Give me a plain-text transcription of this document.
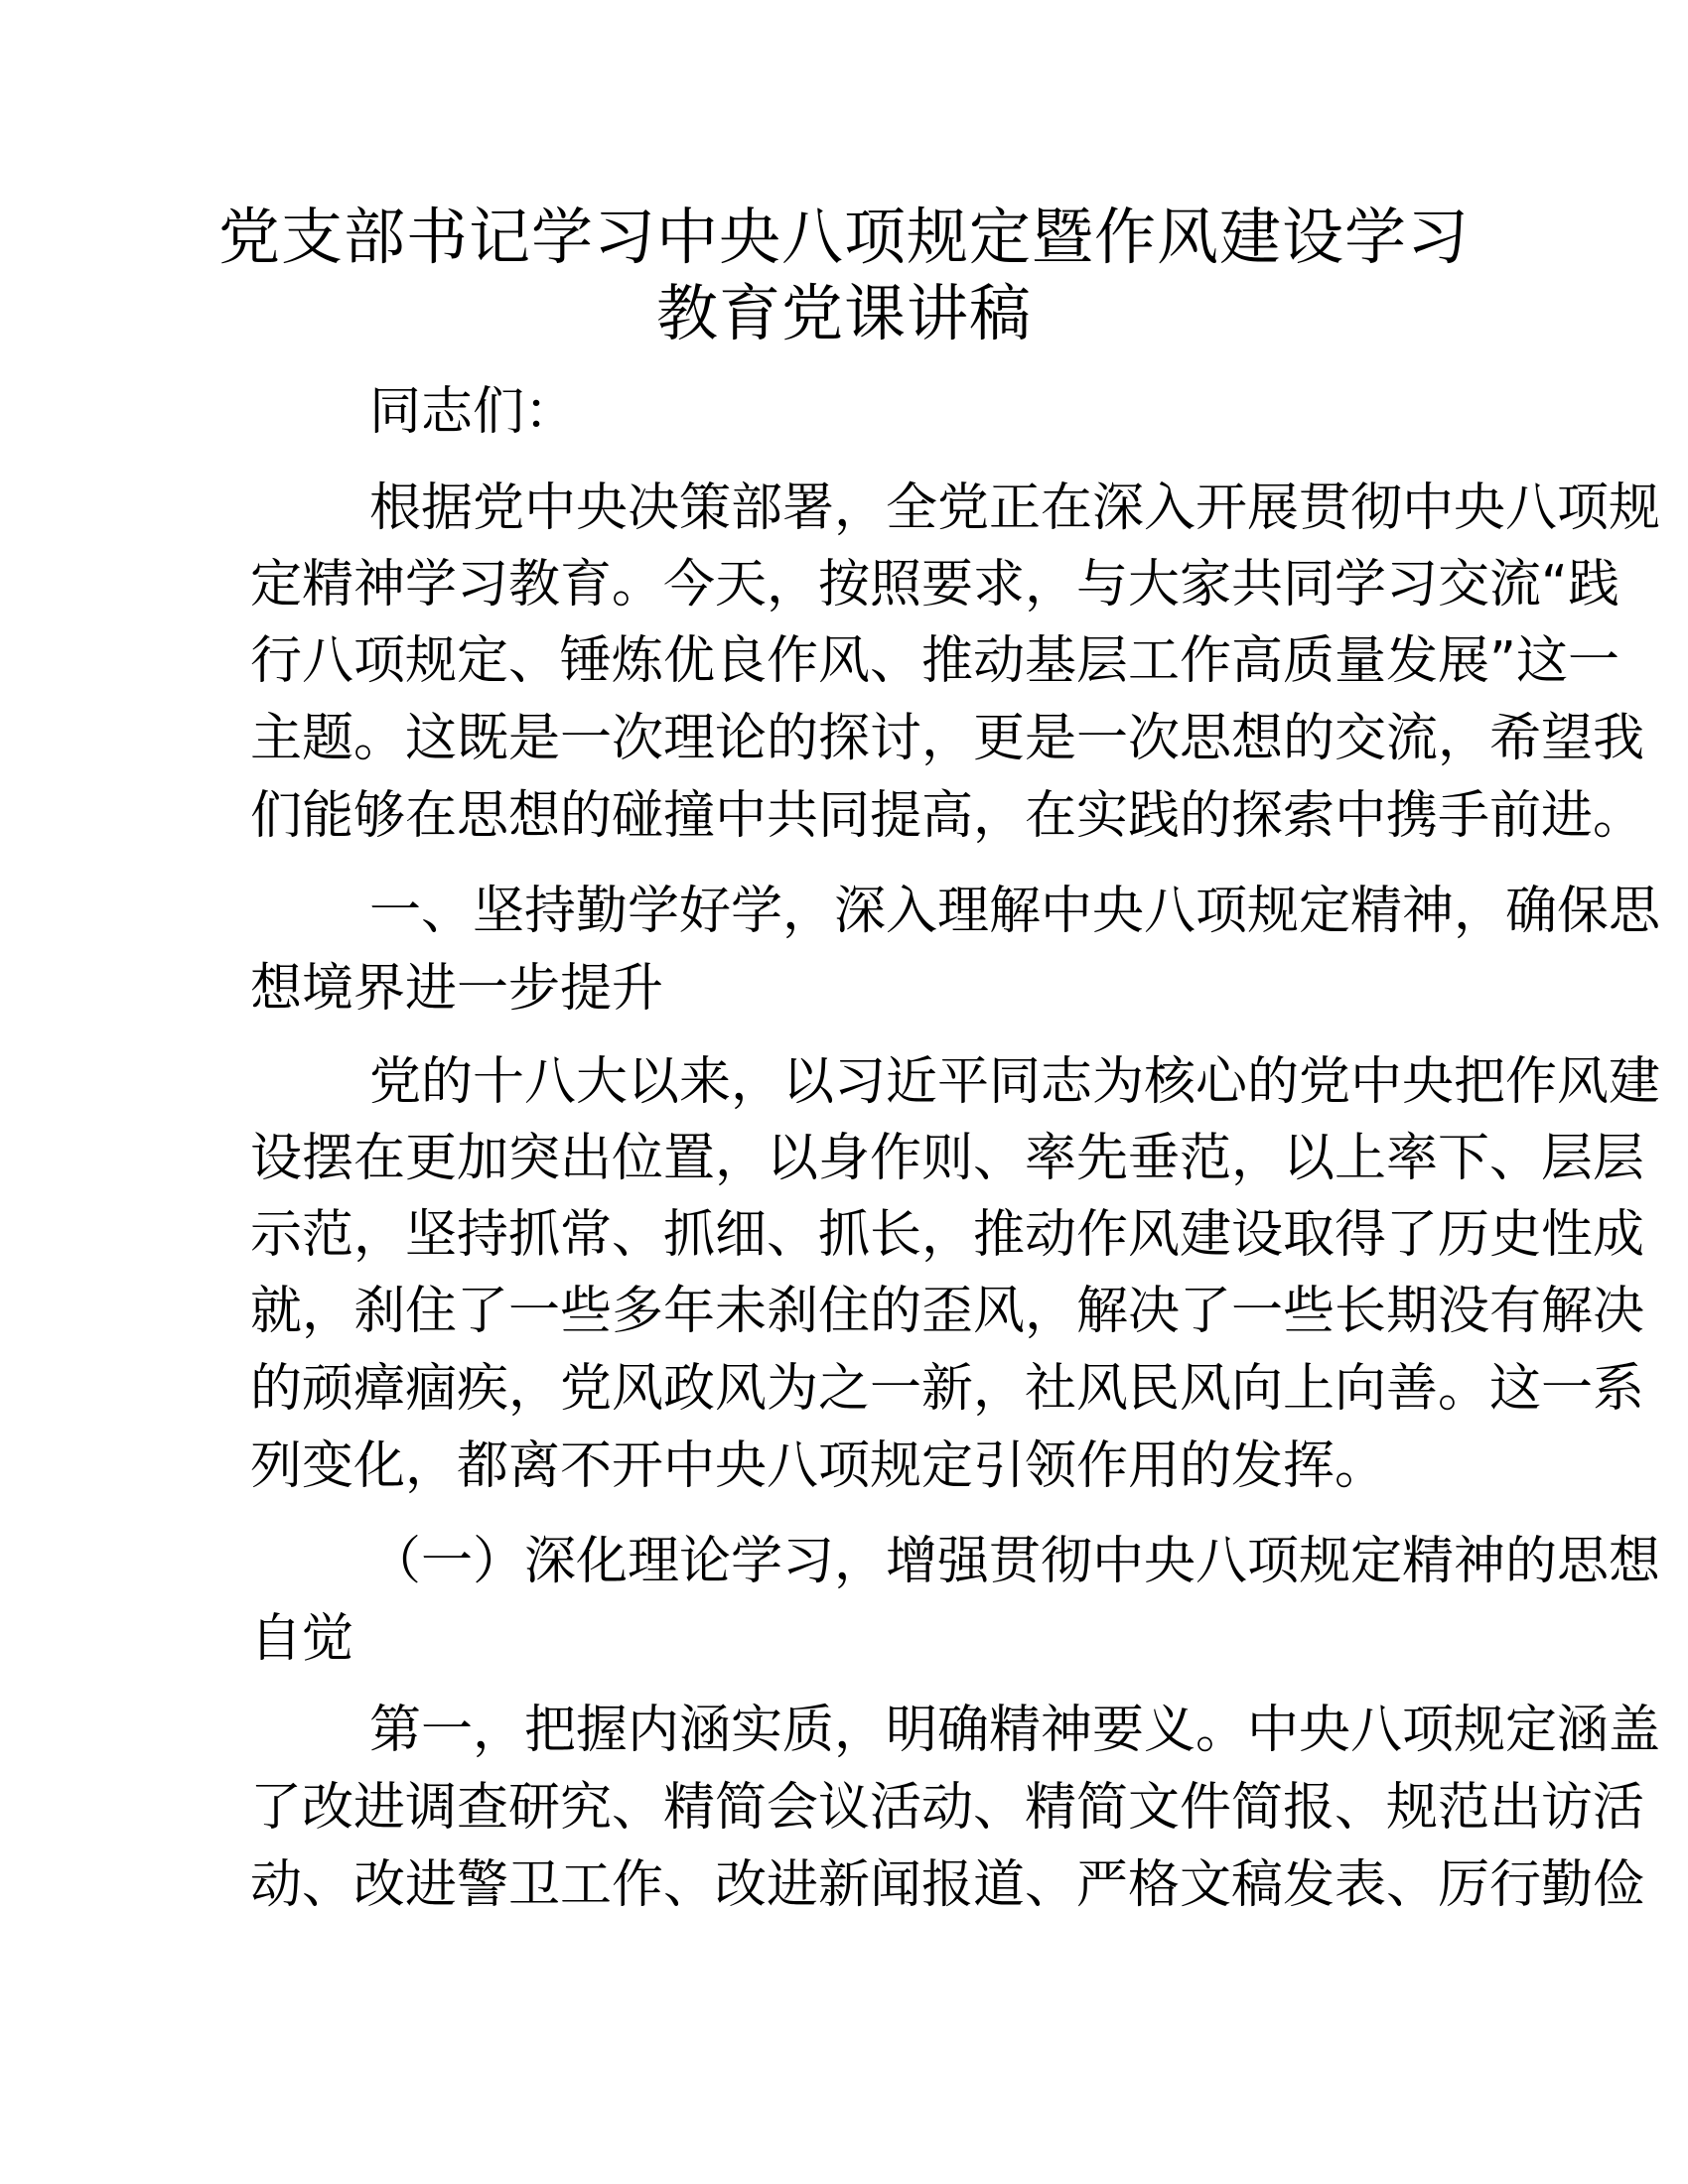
党支部书记学习中央八项规定暨作风建设学习
教育党课讲稿
同志们：
根据党中央决策部署，全党正在深入开展贯彻中央八项规
定精神学习教育。今天，按照要求，与大家共同学习交流“践
行八项规定、锤炼优良作风、推动基层工作高质量发展”这一
主题。这既是一次理论的探讨，更是一次思想的交流，希望我
们能够在思想的碰撞中共同提高，在实践的探索中携手前进。
一、坚持勤学好学，深入理解中央八项规定精神，确保思
想境界进一步提升
党的十八大以来，以习近平同志为核心的党中央把作风建
设摆在更加突出位置，以身作则、率先垂范，以上率下、层层
示范，坚持抓常、抓细、抓长，推动作风建设取得了历史性成
就，刹住了一些多年未刹住的歪风，解决了一些长期没有解决
的顽瘴痼疾，党风政风为之一新，社风民风向上向善。这一系
列变化，都离不开中央八项规定引领作用的发挥。
（一）深化理论学习，增强贯彻中央八项规定精神的思想
自觉
第一，把握内涵实质，明确精神要义。中央八项规定涵盖
了改进调查研究、精简会议活动、精简文件简报、规范出访活
动、改进警卫工作、改进新闻报道、严格文稿发表、厉行勤俭
